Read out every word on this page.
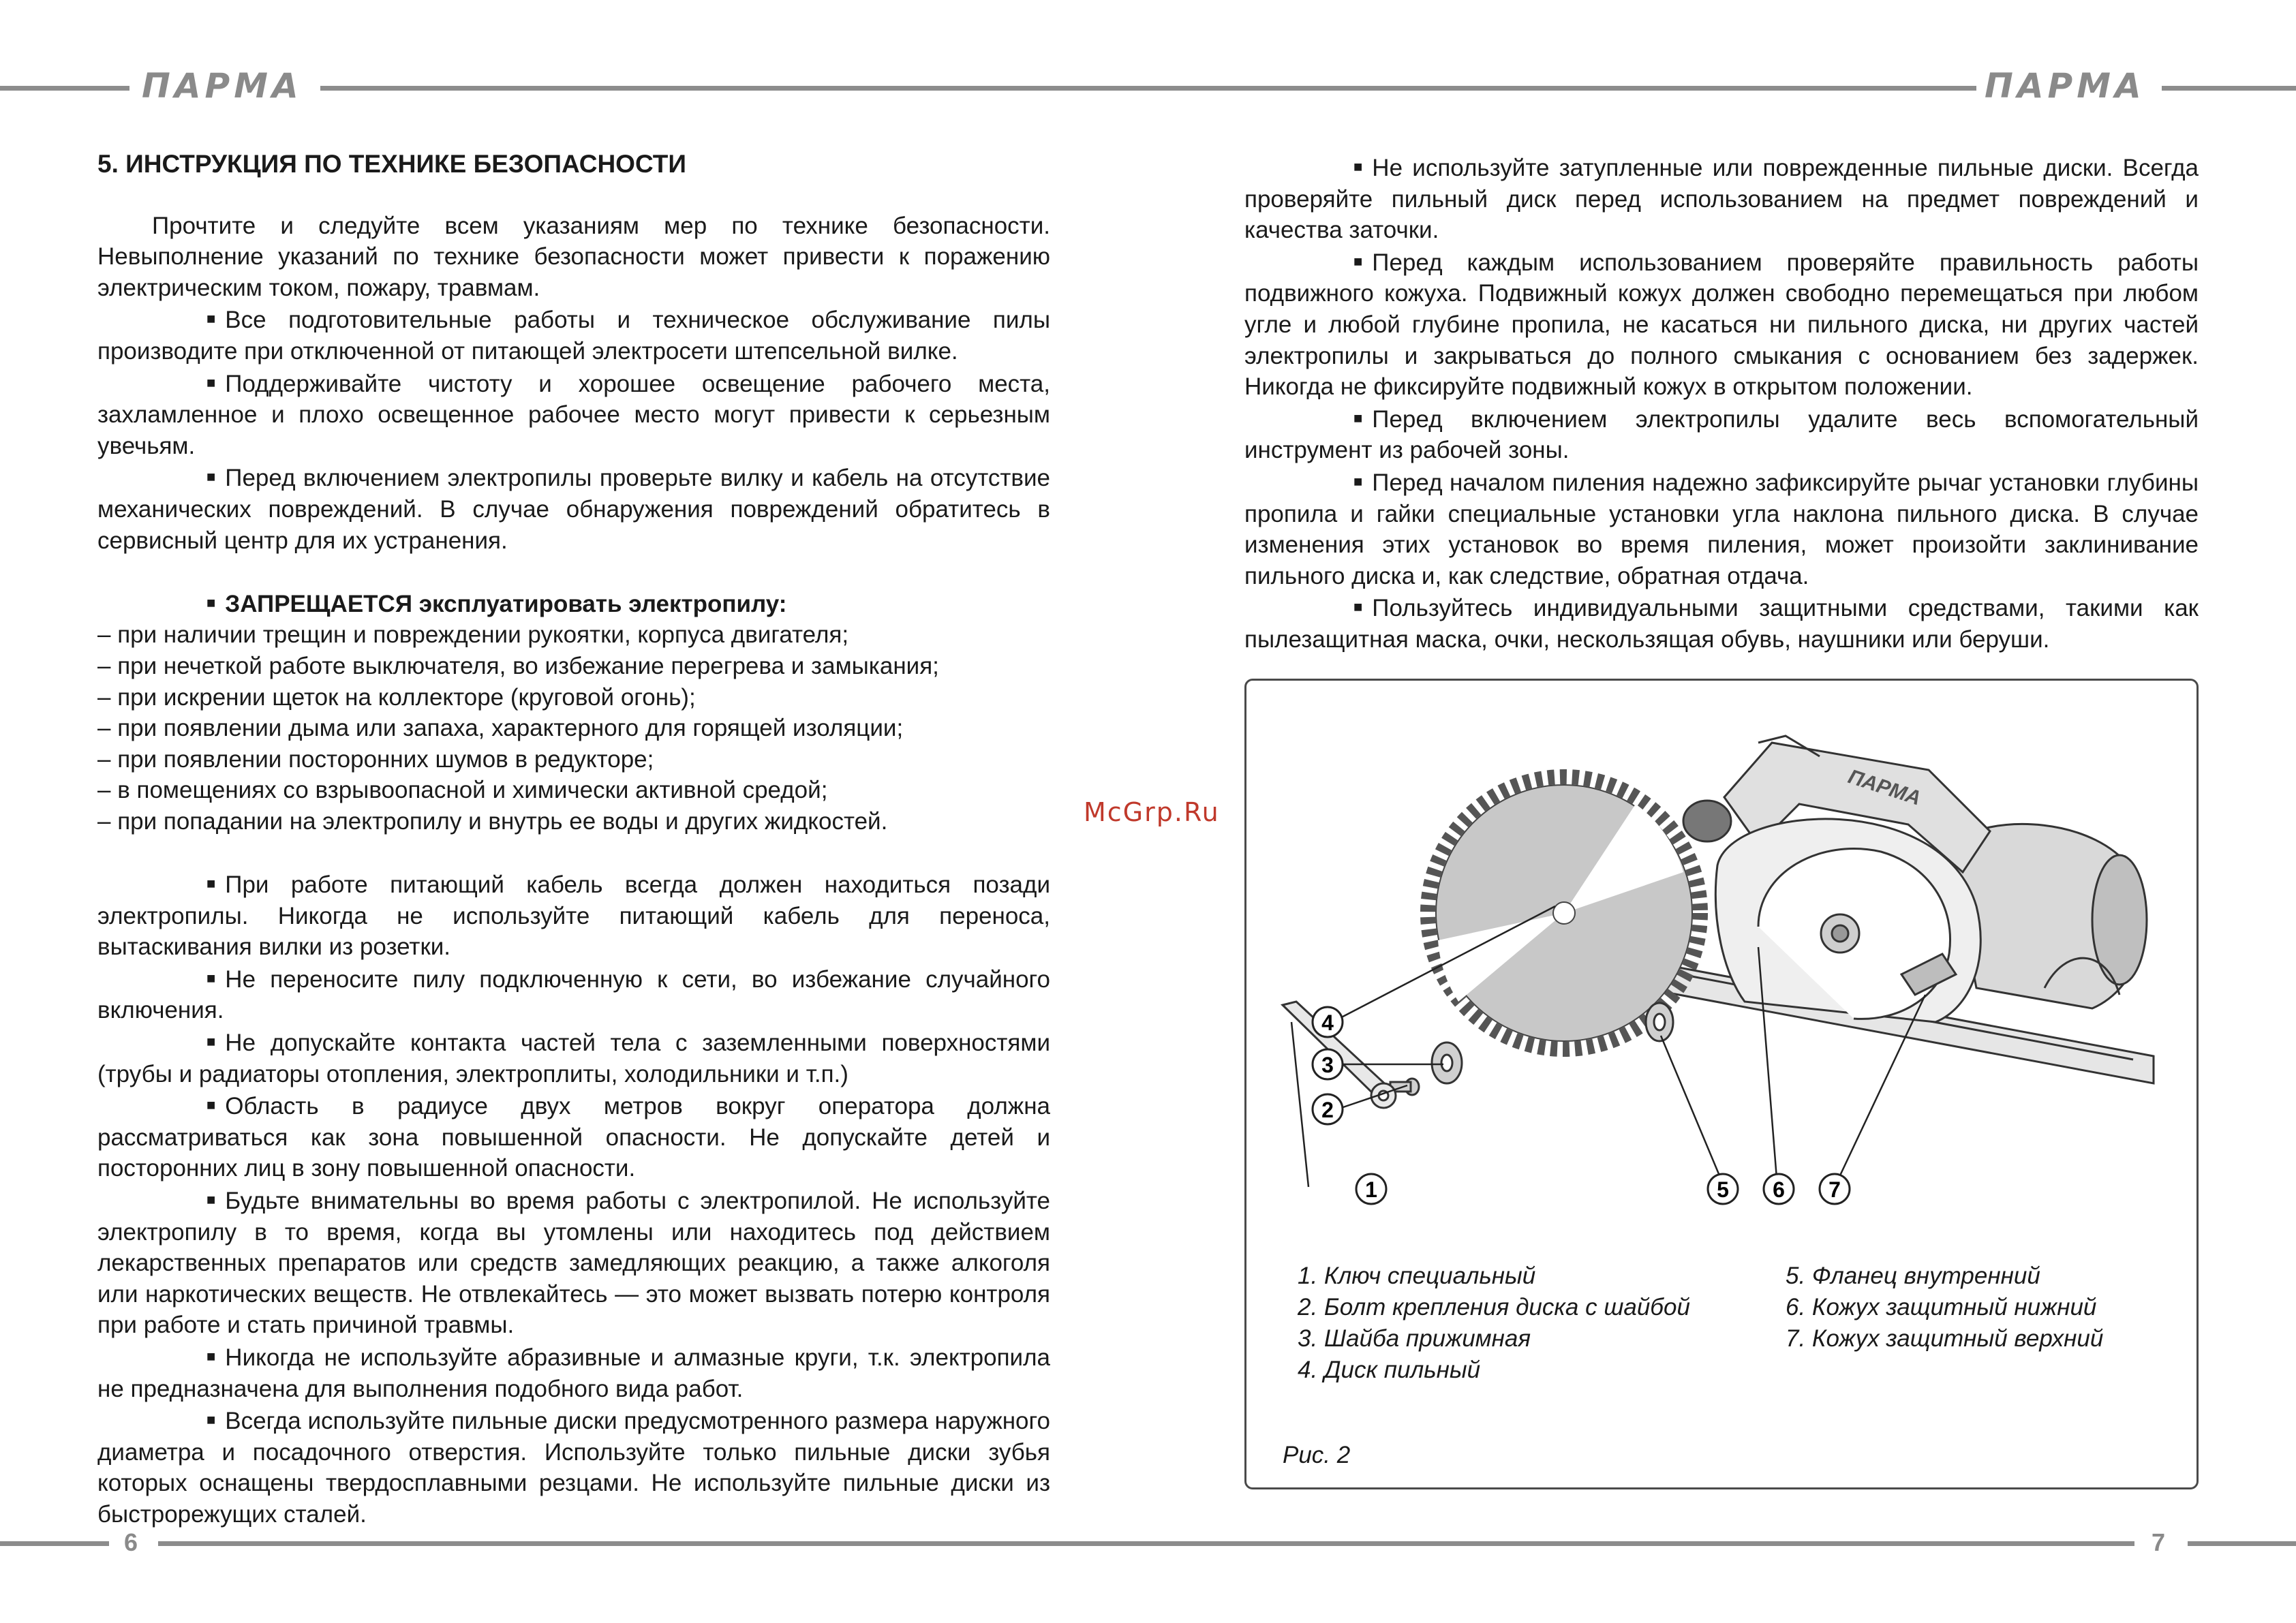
ПАРМА	ПАРМА

5. ИНСТРУКЦИЯ ПО ТЕХНИКЕ БЕЗОПАСНОСТИ

Прочтите и следуйте всем указаниям мер по технике безопасности. Невыполнение указаний по технике безопасности может привести к поражению электрическим током, пожару, травмам.

■ Все подготовительные работы и техническое обслуживание пилы производите при отключенной от питающей электросети штепсельной вилке.

■ Поддерживайте чистоту и хорошее освещение рабочего места, захламленное и плохо освещенное рабочее место могут привести к серьезным увечьям.

■ Перед включением электропилы проверьте вилку и кабель на отсутствие механических повреждений. В случае обнаружения повреждений обратитесь в сервисный центр для их устранения.

■ ЗАПРЕЩАЕТСЯ эксплуатировать электропилу:

– при наличии трещин и повреждении рукоятки, корпуса двигателя;

– при нечеткой работе выключателя, во избежание перегрева и замыкания;

– при искрении щеток на коллекторе (круговой огонь);

– при появлении дыма или запаха, характерного для горящей изоляции;

– при появлении посторонних шумов в редукторе;

– в помещениях со взрывоопасной и химически активной средой;

– при попадании на электропилу и внутрь ее воды и других жидкостей.

■ При работе питающий кабель всегда должен находиться позади электропилы. Никогда не используйте питающий кабель для переноса, вытаскивания вилки из розетки.

■ Не переносите пилу подключенную к сети, во избежание случайного включения.

■ Не допускайте контакта частей тела с заземленными поверхностями (трубы и радиаторы отопления, электроплиты, холодильники и т.п.)

■ Область в радиусе двух метров вокруг оператора должна рассматриваться как зона повышенной опасности. Не допускайте детей и посторонних лиц в зону повышенной опасности.

■ Будьте внимательны во время работы с электропилой. Не используйте электропилу в то время, когда вы утомлены или находитесь под действием лекарственных препаратов или средств замедляющих реакцию, а также алкоголя или наркотических веществ. Не отвлекайтесь — это может вызвать потерю контроля при работе и стать причиной травмы.

■ Никогда не используйте абразивные и алмазные круги, т.к. электропила не предназначена для выполнения подобного вида работ.

■ Всегда используйте пильные диски предусмотренного размера наружного диаметра и посадочного отверстия. Используйте только пильные диски зубья которых оснащены твердосплавными резцами. Не используйте пильные диски из быстрорежущих сталей.

McGrp.Ru

■ Не используйте затупленные или поврежденные пильные диски. Всегда проверяйте пильный диск перед использованием на предмет повреждений и качества заточки.

■ Перед каждым использованием проверяйте правильность работы подвижного кожуха. Подвижный кожух должен свободно перемещаться при любом угле и любой глубине пропила, не касаться ни пильного диска, ни других частей электропилы и закрываться до полного смыкания с основанием без задержек. Никогда не фиксируйте подвижный кожух в открытом положении.

■ Перед включением электропилы удалите весь вспомогательный инструмент из рабочей зоны.

■ Перед началом пиления надежно зафиксируйте рычаг установки глубины пропила и гайки специальные установки угла наклона пильного диска. В случае изменения этих установок во время пиления, может произойти заклинивание пильного диска и, как следствие, обратная отдача.

■ Пользуйтесь индивидуальными защитными средствами, такими как пылезащитная маска, очки, нескользящая обувь, наушники или беруши.

ПАРМА
4
3
2
1	5 6 7
1. Ключ специальный
2. Болт крепления диска с шайбой
3. Шайба прижимная
4. Диск пильный
5. Фланец внутренний
6. Кожух защитный нижний
7. Кожух защитный верхний
Рис. 2
6	7
